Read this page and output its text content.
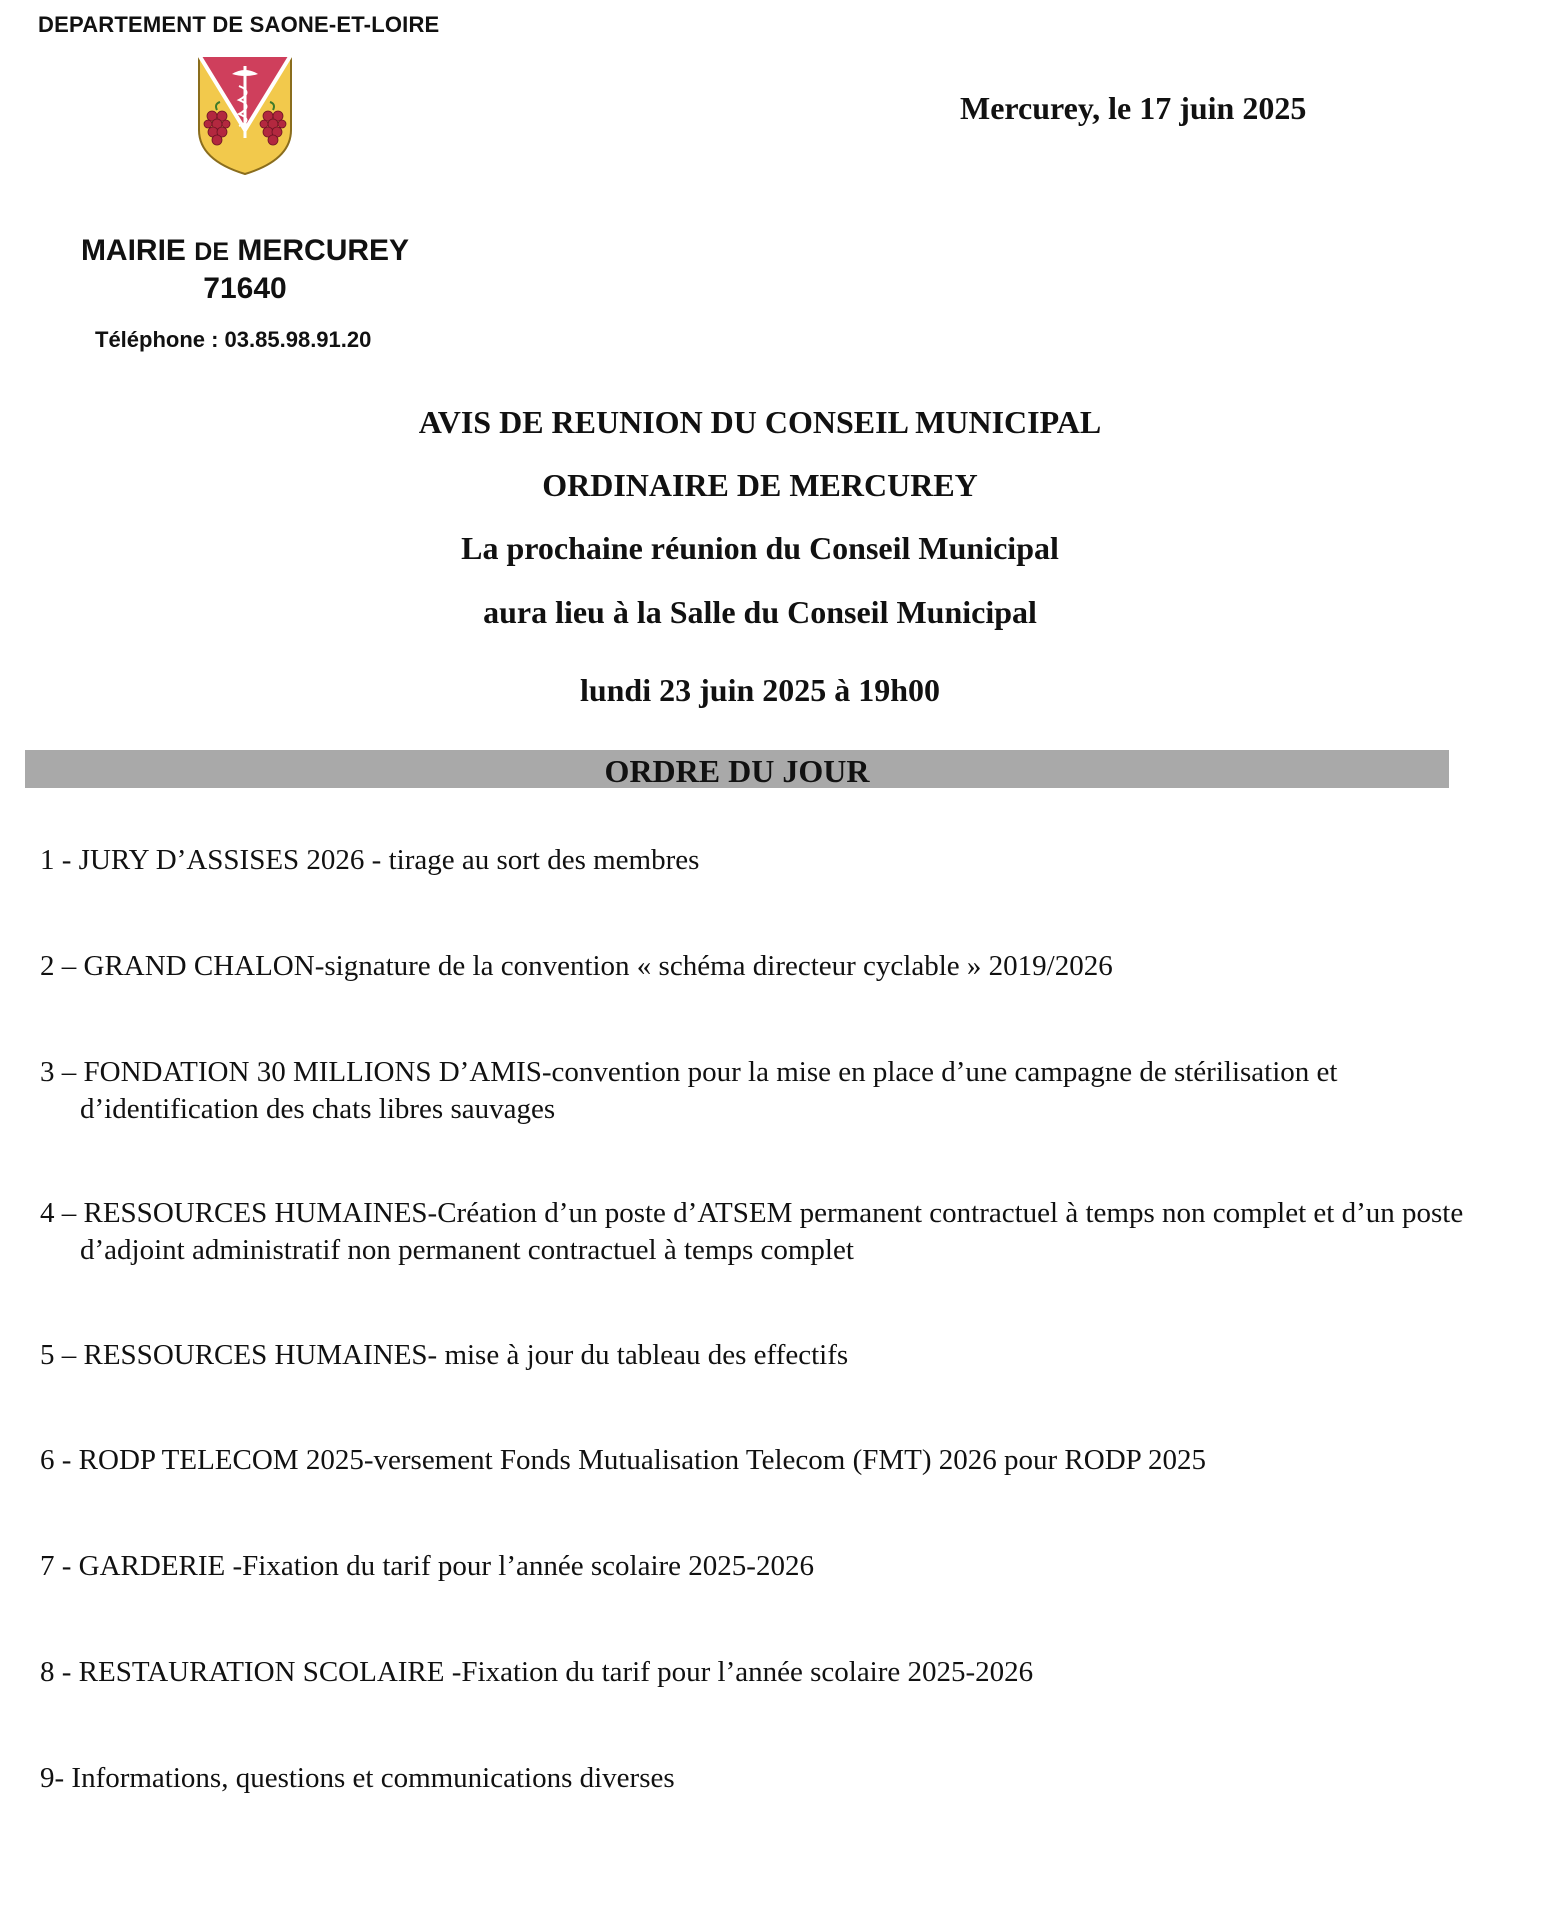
DEPARTEMENT DE SAONE-ET-LOIRE
Mercurey, le 17 juin 2025
MAIRIE DE MERCUREY
71640
Téléphone : 03.85.98.91.20
AVIS DE REUNION DU CONSEIL MUNICIPAL
ORDINAIRE DE MERCUREY
La prochaine réunion du Conseil Municipal
aura lieu à la Salle du Conseil Municipal
lundi 23 juin 2025 à 19h00
ORDRE DU JOUR

1 - JURY D’ASSISES 2026 - tirage au sort des membres

2 – GRAND CHALON-signature de la convention « schéma directeur cyclable » 2019/2026

3 – FONDATION 30 MILLIONS D’AMIS-convention pour la mise en place d’une campagne de stérilisation et d’identification des chats libres sauvages

4 – RESSOURCES HUMAINES-Création d’un poste d’ATSEM permanent contractuel à temps non complet et d’un poste d’adjoint administratif non permanent contractuel à temps complet

5 – RESSOURCES HUMAINES- mise à jour du tableau des effectifs

6 - RODP TELECOM 2025-versement Fonds Mutualisation Telecom (FMT) 2026 pour RODP 2025

7 - GARDERIE -Fixation du tarif pour l’année scolaire 2025-2026

8 - RESTAURATION SCOLAIRE -Fixation du tarif pour l’année scolaire 2025-2026

9- Informations, questions et communications diverses
